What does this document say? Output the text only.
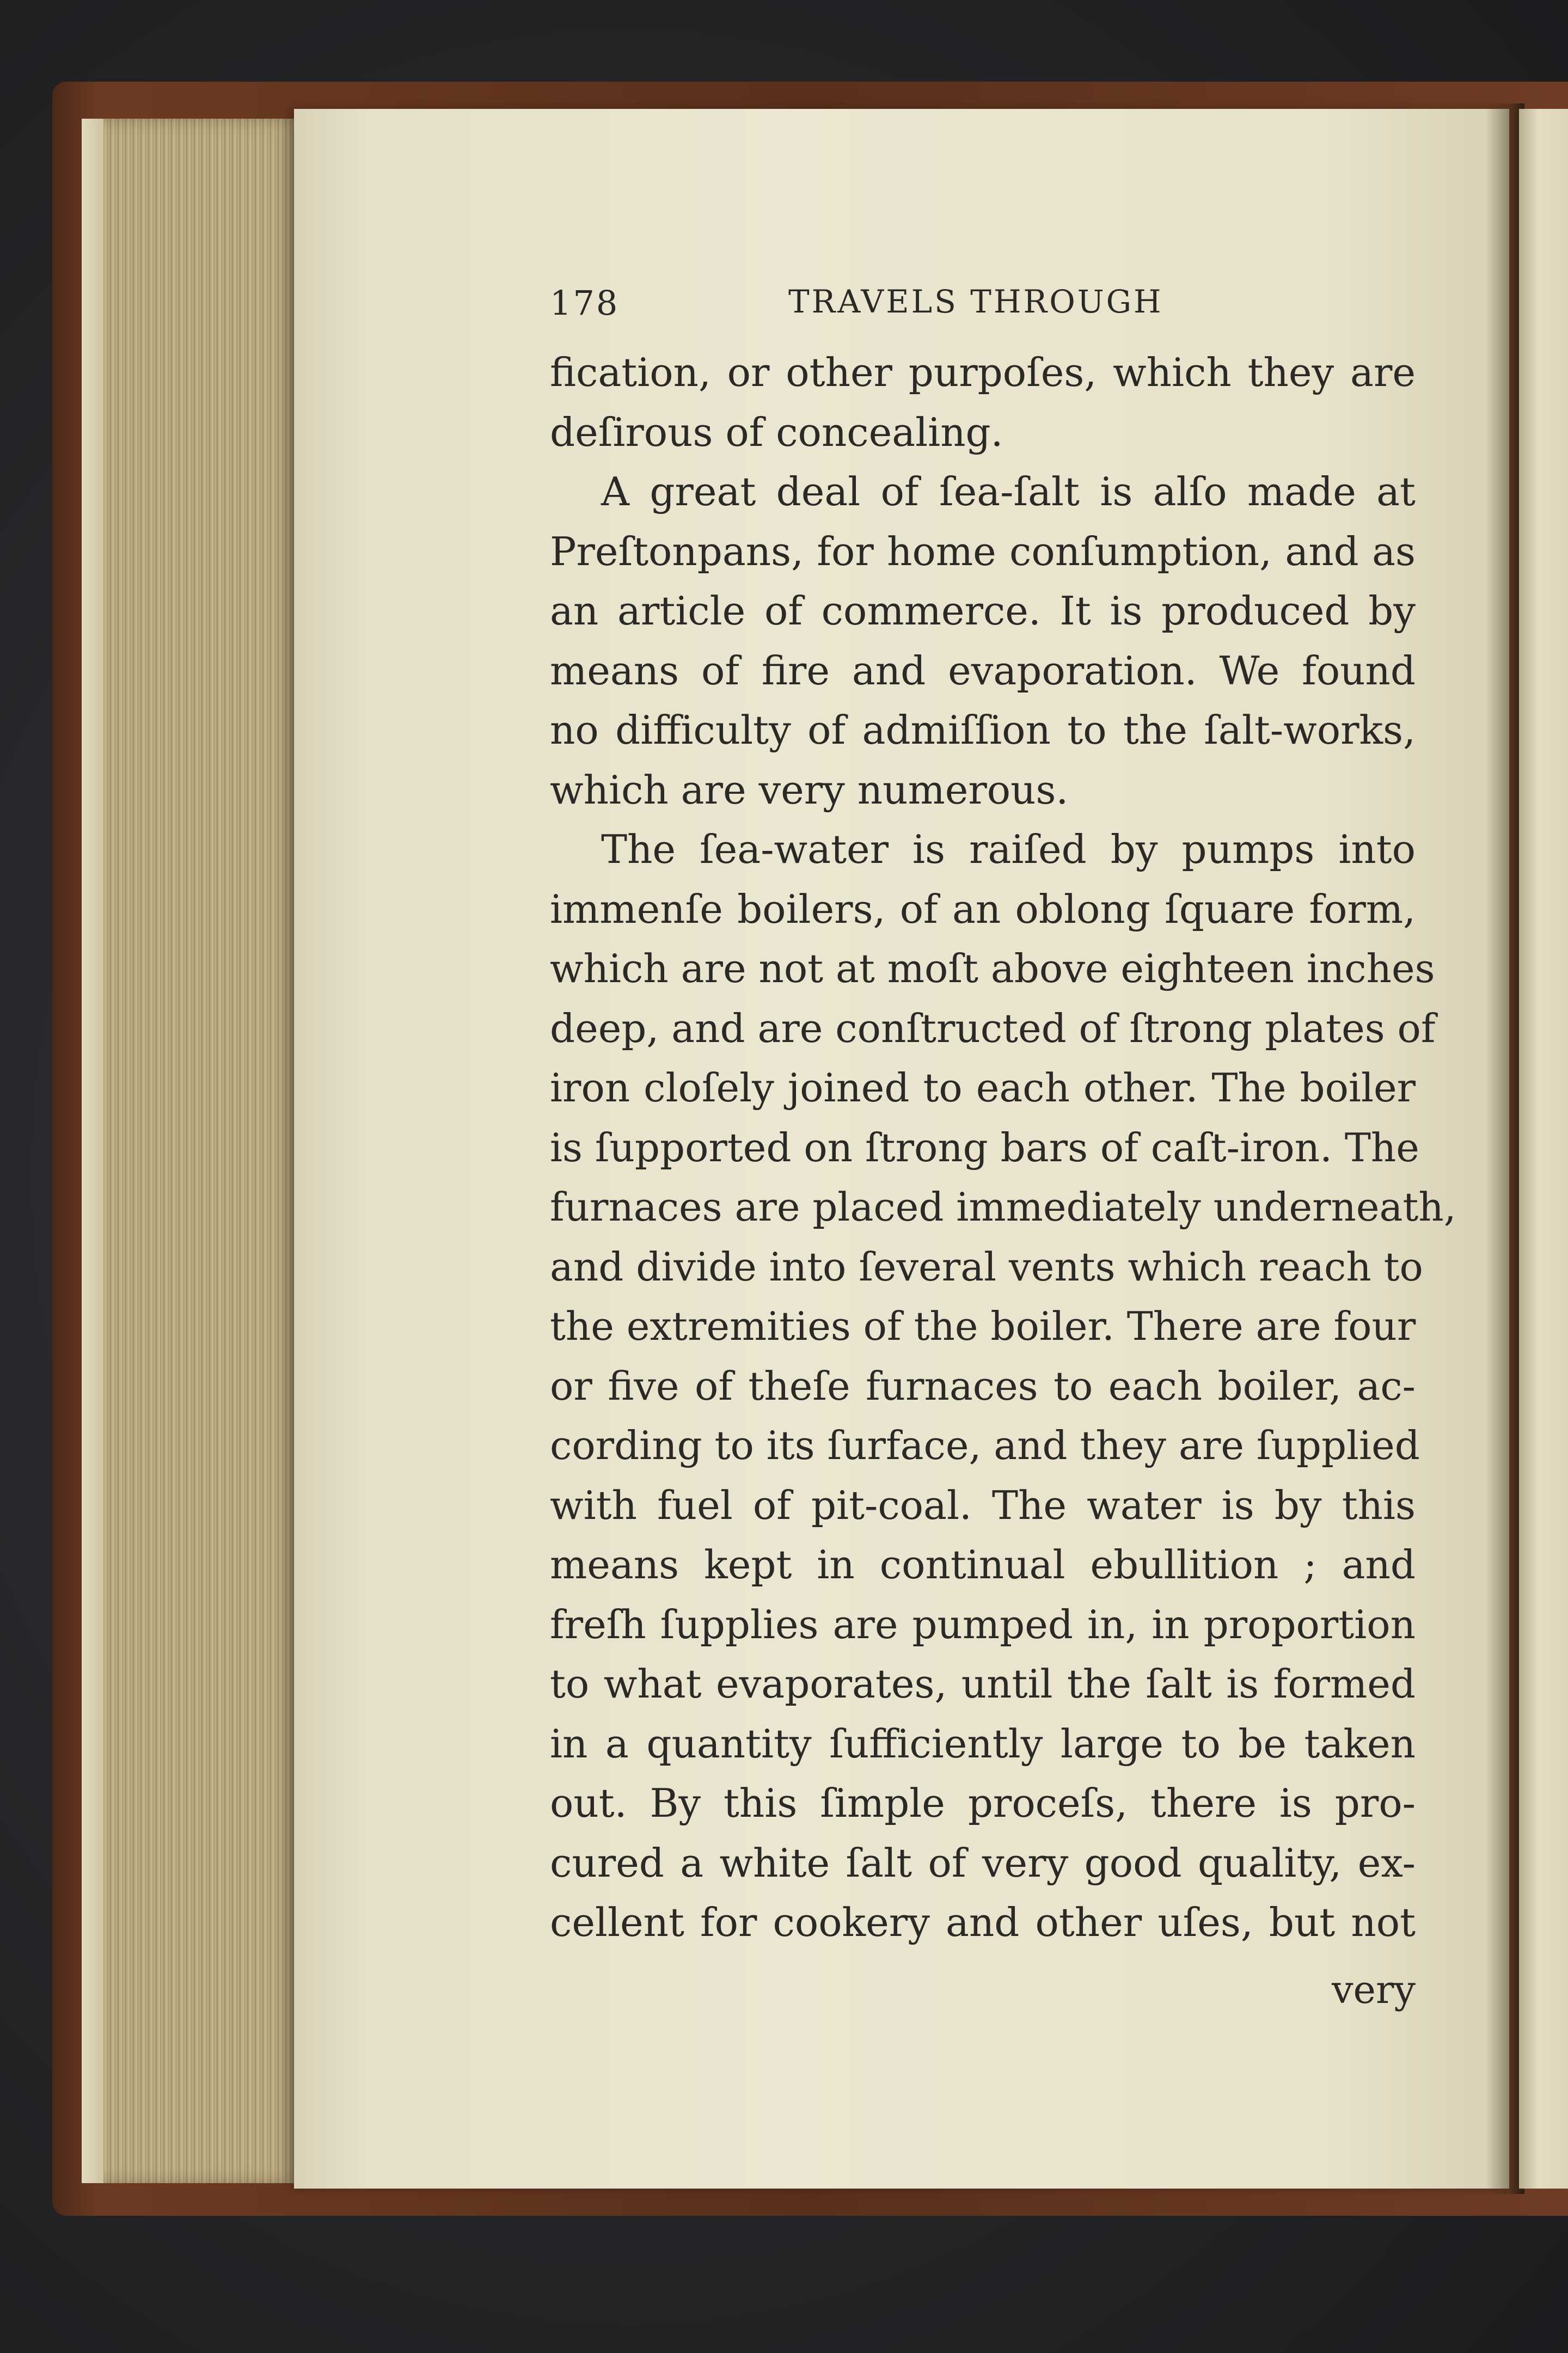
178	TRAVELS THROUGH
fication, or other purpoſes, which they are
deſirous of concealing.
A great deal of ſea-ſalt is alſo made at
Preſtonpans, for home conſumption, and as
an article of commerce. It is produced by
means of fire and evaporation. We found
no difficulty of admiſſion to the ſalt-works,
which are very numerous.
The ſea-water is raiſed by pumps into
immenſe boilers, of an oblong ſquare form,
which are not at moſt above eighteen inches
deep, and are conſtructed of ſtrong plates of
iron cloſely joined to each other. The boiler
is ſupported on ſtrong bars of caſt-iron. The
furnaces are placed immediately underneath,
and divide into ſeveral vents which reach to
the extremities of the boiler. There are four
or five of theſe furnaces to each boiler, ac-
cording to its ſurface, and they are ſupplied
with fuel of pit-coal. The water is by this
means kept in continual ebullition ; and
freſh ſupplies are pumped in, in proportion
to what evaporates, until the ſalt is formed
in a quantity ſufficiently large to be taken
out. By this ſimple proceſs, there is pro-
cured a white ſalt of very good quality, ex-
cellent for cookery and other uſes, but not
very
